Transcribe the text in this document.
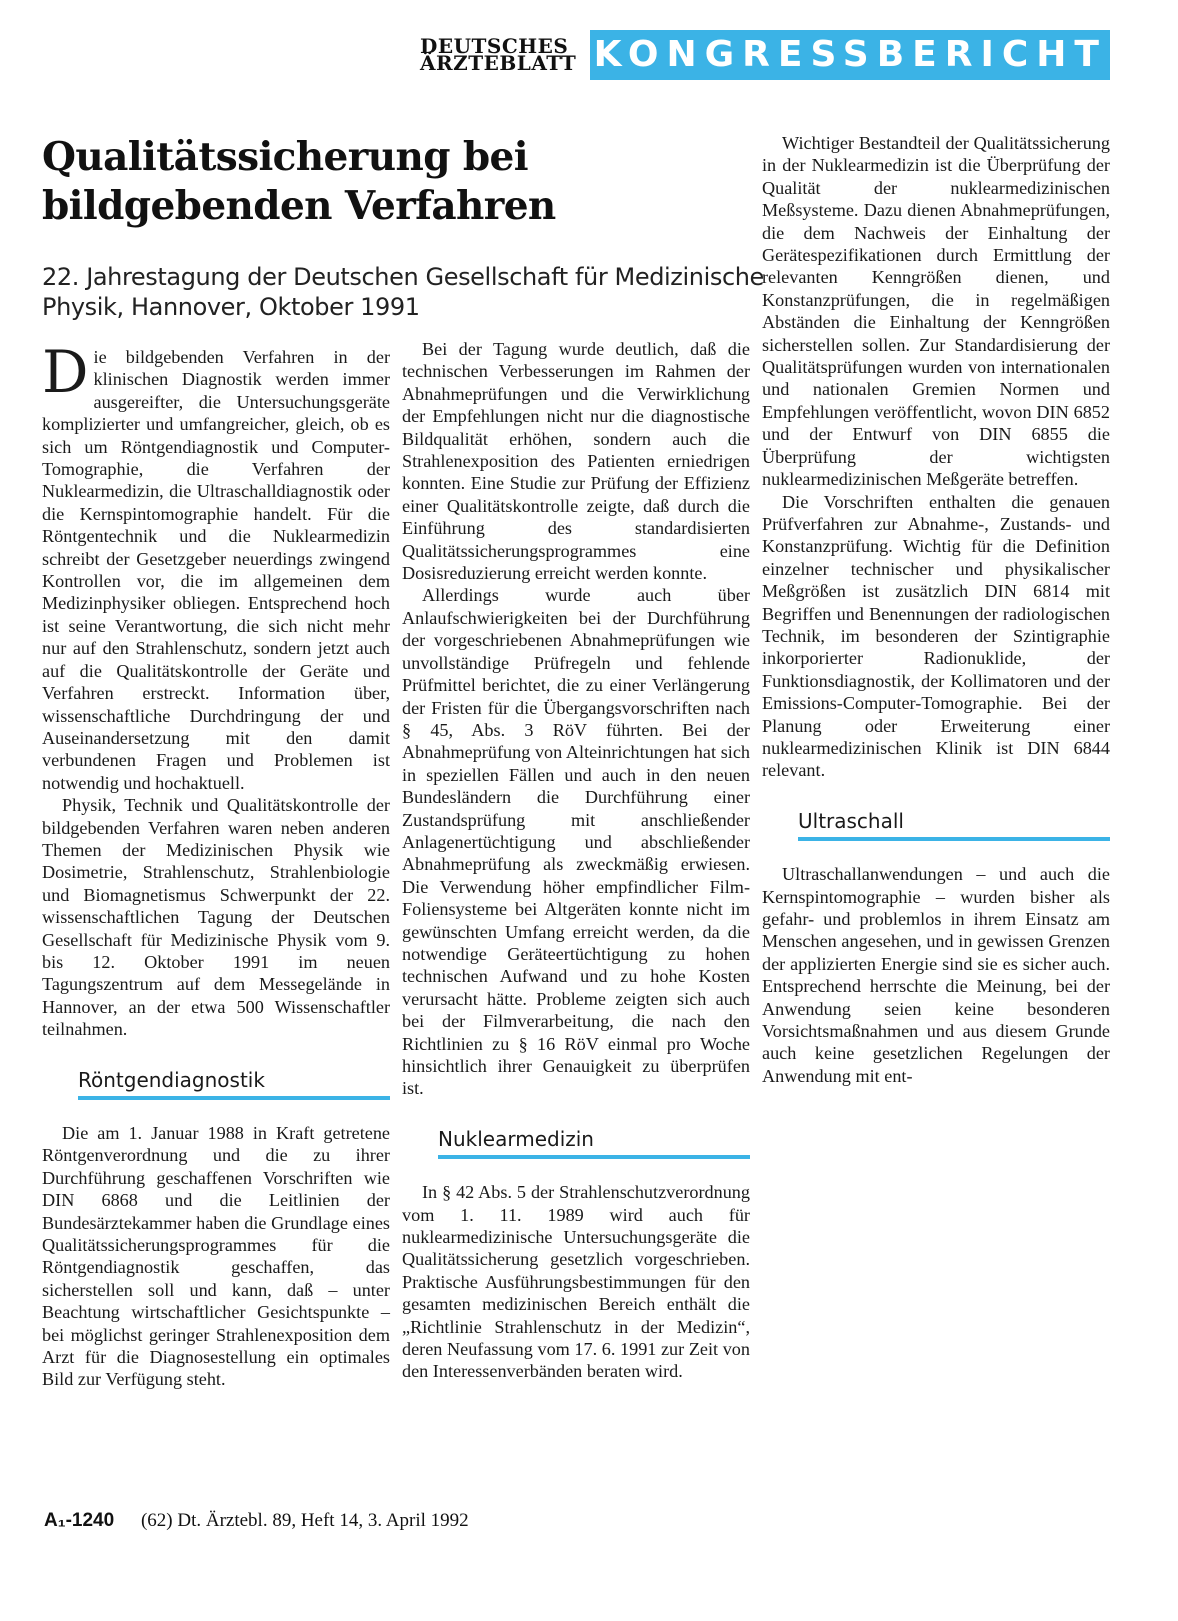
DEUTSCHES
ÄRZTEBLATT KONGRESSBERICHT
Qualitätssicherung bei bildgebenden Verfahren

22. Jahrestagung der Deutschen Gesellschaft für Medizinische Physik, Hannover, Oktober 1991

Die bildgebenden Verfahren in der klinischen Diagnostik werden immer ausgereifter, die Untersuchungsgeräte komplizierter und umfangreicher, gleich, ob es sich um Röntgendiagnostik und Computer-Tomographie, die Verfahren der Nuklearmedizin, die Ultraschalldiagnostik oder die Kernspintomographie handelt. Für die Röntgentechnik und die Nuklearmedizin schreibt der Gesetzgeber neuerdings zwingend Kontrollen vor, die im allgemeinen dem Medizinphysiker obliegen. Entsprechend hoch ist seine Verantwortung, die sich nicht mehr nur auf den Strahlenschutz, sondern jetzt auch auf die Qualitätskontrolle der Geräte und Verfahren erstreckt. Information über, wissenschaftliche Durchdringung der und Auseinandersetzung mit den damit verbundenen Fragen und Problemen ist notwendig und hochaktuell.

Physik, Technik und Qualitätskontrolle der bildgebenden Verfahren waren neben anderen Themen der Medizinischen Physik wie Dosimetrie, Strahlenschutz, Strahlenbiologie und Biomagnetismus Schwerpunkt der 22. wissenschaftlichen Tagung der Deutschen Gesellschaft für Medizinische Physik vom 9. bis 12. Oktober 1991 im neuen Tagungszentrum auf dem Messegelände in Hannover, an der etwa 500 Wissenschaftler teilnahmen.

Röntgendiagnostik

Die am 1. Januar 1988 in Kraft getretene Röntgenverordnung und die zu ihrer Durchführung geschaffenen Vorschriften wie DIN 6868 und die Leitlinien der Bundesärztekammer haben die Grundlage eines Qualitätssicherungsprogrammes für die Röntgendiagnostik geschaffen, das sicherstellen soll und kann, daß – unter Beachtung wirtschaftlicher Gesichtspunkte – bei möglichst geringer Strahlenexposition dem Arzt für die Diagnosestellung ein optimales Bild zur Verfügung steht.

Bei der Tagung wurde deutlich, daß die technischen Verbesserungen im Rahmen der Abnahmeprüfungen und die Verwirklichung der Empfehlungen nicht nur die diagnostische Bildqualität erhöhen, sondern auch die Strahlenexposition des Patienten erniedrigen konnten. Eine Studie zur Prüfung der Effizienz einer Qualitätskontrolle zeigte, daß durch die Einführung des standardisierten Qualitätssicherungsprogrammes eine Dosisreduzierung erreicht werden konnte.

Allerdings wurde auch über Anlaufschwierigkeiten bei der Durchführung der vorgeschriebenen Abnahmeprüfungen wie unvollständige Prüfregeln und fehlende Prüfmittel berichtet, die zu einer Verlängerung der Fristen für die Übergangsvorschriften nach § 45, Abs. 3 RöV führten. Bei der Abnahmeprüfung von Alteinrichtungen hat sich in speziellen Fällen und auch in den neuen Bundesländern die Durchführung einer Zustandsprüfung mit anschließender Anlagenertüchtigung und abschließender Abnahmeprüfung als zweckmäßig erwiesen. Die Verwendung höher empfindlicher Film-Foliensysteme bei Altgeräten konnte nicht im gewünschten Umfang erreicht werden, da die notwendige Geräteertüchtigung zu hohen technischen Aufwand und zu hohe Kosten verursacht hätte. Probleme zeigten sich auch bei der Filmverarbeitung, die nach den Richtlinien zu § 16 RöV einmal pro Woche hinsichtlich ihrer Genauigkeit zu überprüfen ist.

Nuklearmedizin

In § 42 Abs. 5 der Strahlenschutzverordnung vom 1. 11. 1989 wird auch für nuklearmedizinische Untersuchungsgeräte die Qualitätssicherung gesetzlich vorgeschrieben. Praktische Ausführungsbestimmungen für den gesamten medizinischen Bereich enthält die „Richtlinie Strahlenschutz in der Medizin“, deren Neufassung vom 17. 6. 1991 zur Zeit von den Interessenverbänden beraten wird.

Wichtiger Bestandteil der Qualitätssicherung in der Nuklearmedizin ist die Überprüfung der Qualität der nuklearmedizinischen Meßsysteme. Dazu dienen Abnahmeprüfungen, die dem Nachweis der Einhaltung der Gerätespezifikationen durch Ermittlung der relevanten Kenngrößen dienen, und Konstanzprüfungen, die in regelmäßigen Abständen die Einhaltung der Kenngrößen sicherstellen sollen. Zur Standardisierung der Qualitätsprüfungen wurden von internationalen und nationalen Gremien Normen und Empfehlungen veröffentlicht, wovon DIN 6852 und der Entwurf von DIN 6855 die Überprüfung der wichtigsten nuklearmedizinischen Meßgeräte betreffen.

Die Vorschriften enthalten die genauen Prüfverfahren zur Abnahme-, Zustands- und Konstanzprüfung. Wichtig für die Definition einzelner technischer und physikalischer Meßgrößen ist zusätzlich DIN 6814 mit Begriffen und Benennungen der radiologischen Technik, im besonderen der Szintigraphie inkorporierter Radionuklide, der Funktionsdiagnostik, der Kollimatoren und der Emissions-Computer-Tomographie. Bei der Planung oder Erweiterung einer nuklearmedizinischen Klinik ist DIN 6844 relevant.

Ultraschall

Ultraschallanwendungen – und auch die Kernspintomographie – wurden bisher als gefahr- und problemlos in ihrem Einsatz am Menschen angesehen, und in gewissen Grenzen der applizierten Energie sind sie es sicher auch. Entsprechend herrschte die Meinung, bei der Anwendung seien keine besonderen Vorsichtsmaßnahmen und aus diesem Grunde auch keine gesetzlichen Regelungen der Anwendung mit ent-

A₁-1240 (62) Dt. Ärztebl. 89, Heft 14, 3. April 1992
